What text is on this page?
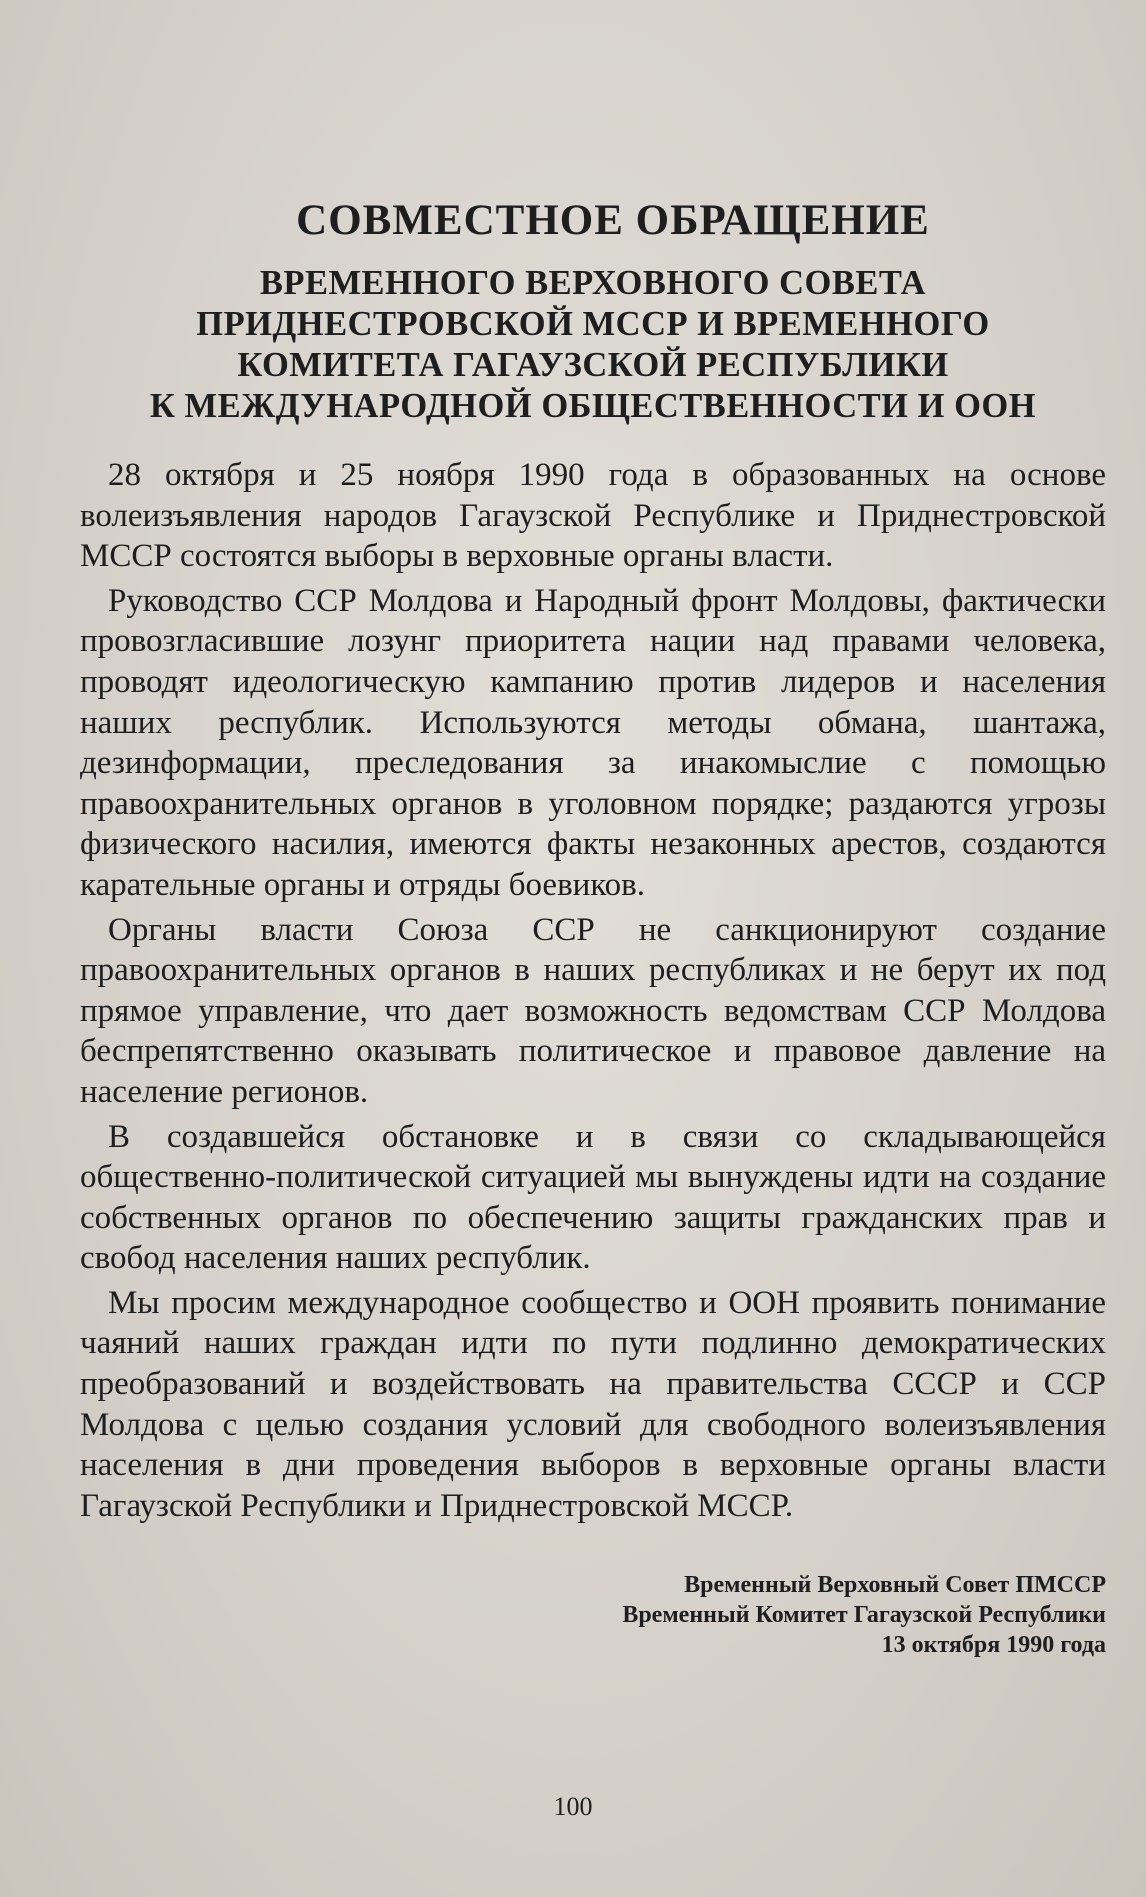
СОВМЕСТНОЕ ОБРАЩЕНИЕ
ВРЕМЕННОГО ВЕРХОВНОГО СОВЕТА
ПРИДНЕСТРОВСКОЙ МССР И ВРЕМЕННОГО
КОМИТЕТА ГАГАУЗСКОЙ РЕСПУБЛИКИ
К МЕЖДУНАРОДНОЙ ОБЩЕСТВЕННОСТИ И ООН

28 октября и 25 ноября 1990 года в образованных на основе волеизъявления народов Гагаузской Республике и Приднестровской МССР состоятся выборы в верховные органы власти.

Руководство ССР Молдова и Народный фронт Молдовы, фактически провозгласившие лозунг приоритета нации над правами человека, проводят идеологическую кампанию против лидеров и населения наших республик. Используются методы обмана, шантажа, дезинформации, преследования за инакомыслие с помощью правоохранительных органов в уголовном порядке; раздаются угрозы физического насилия, имеются факты незаконных арестов, создаются карательные органы и отряды боевиков.

Органы власти Союза ССР не санкционируют создание правоохранительных органов в наших республиках и не берут их под прямое управление, что дает возможность ведомствам ССР Молдова беспрепятственно оказывать политическое и правовое давление на население регионов.

В создавшейся обстановке и в связи со складывающейся общественно-политической ситуацией мы вынуждены идти на создание собственных органов по обеспечению защиты гражданских прав и свобод населения наших республик.

Мы просим международное сообщество и ООН проявить понимание чаяний наших граждан идти по пути подлинно демократических преобразований и воздействовать на правительства СССР и ССР Молдова с целью создания условий для свободного волеизъявления населения в дни проведения выборов в верховные органы власти Гагаузской Республики и Приднестровской МССР.

Временный Верховный Совет ПМССР
Временный Комитет Гагаузской Республики
13 октября 1990 года
100
